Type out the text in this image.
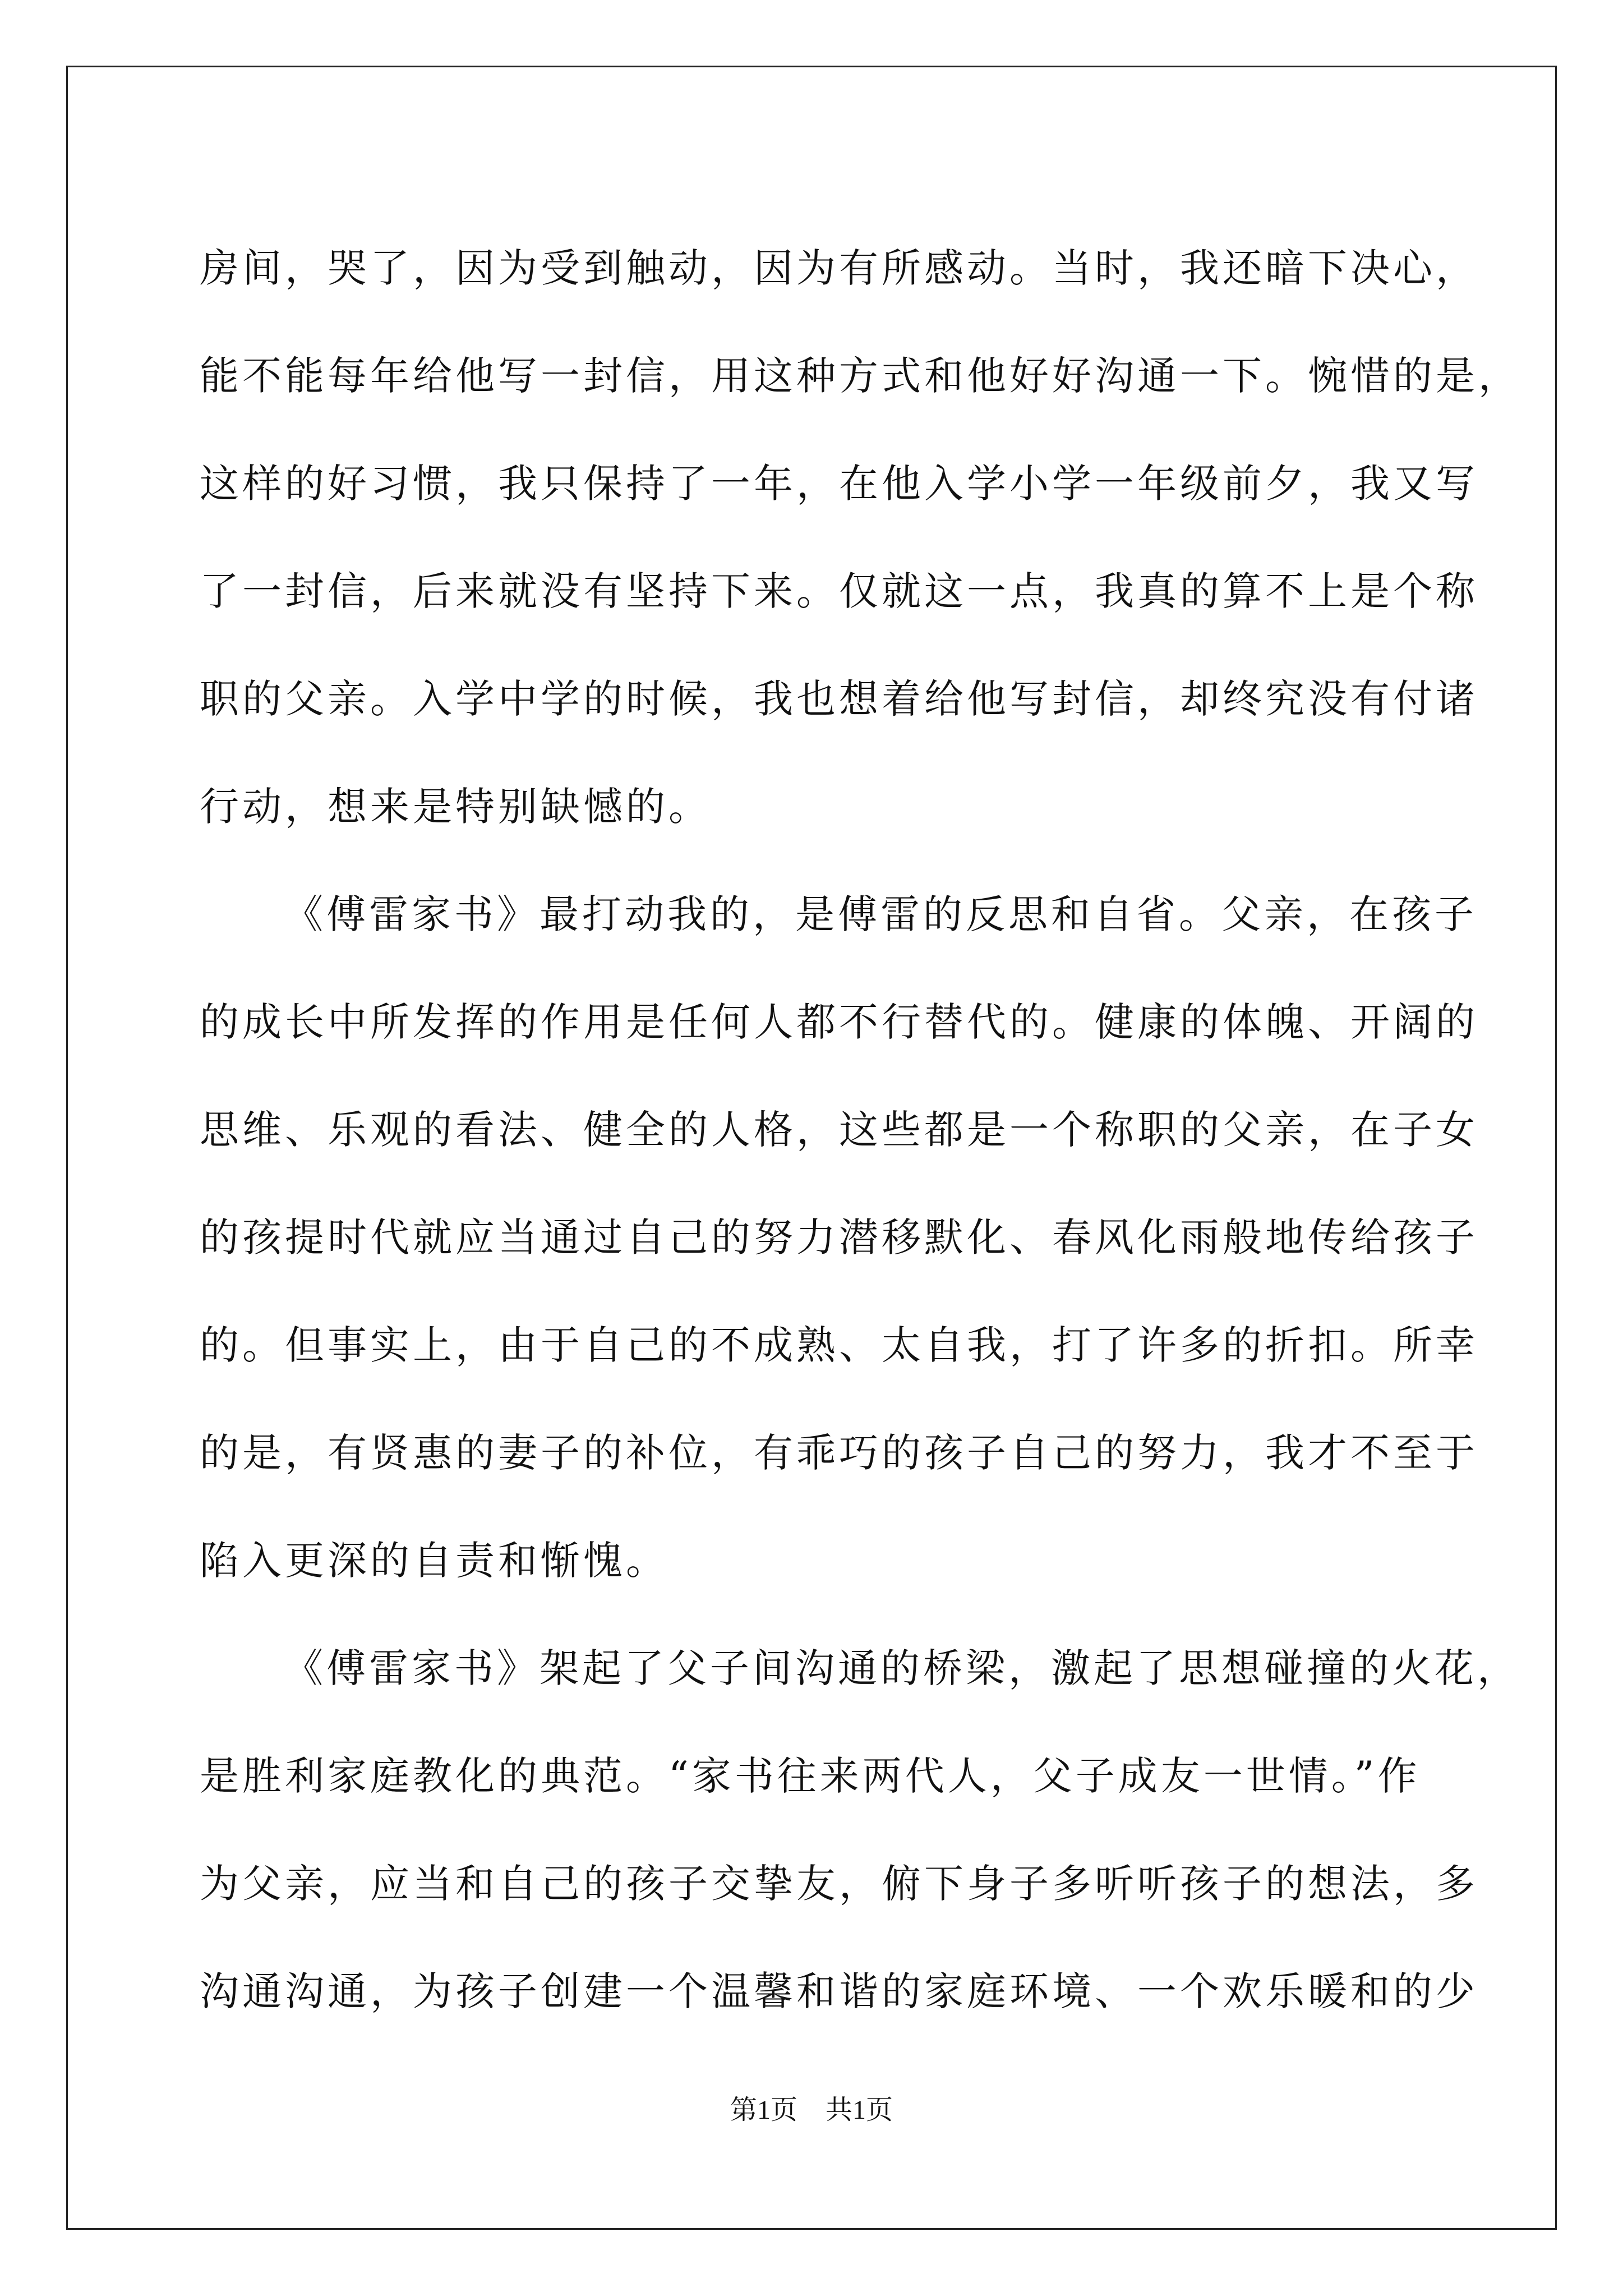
房间，哭了，因为受到触动，因为有所感动。当时，我还暗下决心，

能不能每年给他写一封信，用这种方式和他好好沟通一下。惋惜的是，

这样的好习惯，我只保持了一年，在他入学小学一年级前夕，我又写

了一封信，后来就没有坚持下来。仅就这一点，我真的算不上是个称

职的父亲。入学中学的时候，我也想着给他写封信，却终究没有付诸

行动，想来是特别缺憾的。

《傅雷家书》最打动我的，是傅雷的反思和自省。父亲，在孩子

的成长中所发挥的作用是任何人都不行替代的。健康的体魄、开阔的

思维、乐观的看法、健全的人格，这些都是一个称职的父亲，在子女

的孩提时代就应当通过自己的努力潜移默化、春风化雨般地传给孩子

的。但事实上，由于自己的不成熟、太自我，打了许多的折扣。所幸

的是，有贤惠的妻子的补位，有乖巧的孩子自己的努力，我才不至于

陷入更深的自责和惭愧。

《傅雷家书》架起了父子间沟通的桥梁，激起了思想碰撞的火花，

是胜利家庭教化的典范。“家书往来两代人，父子成友一世情。”作

为父亲，应当和自己的孩子交挚友，俯下身子多听听孩子的想法，多

沟通沟通，为孩子创建一个温馨和谐的家庭环境、一个欢乐暖和的少

第1页 共1页
